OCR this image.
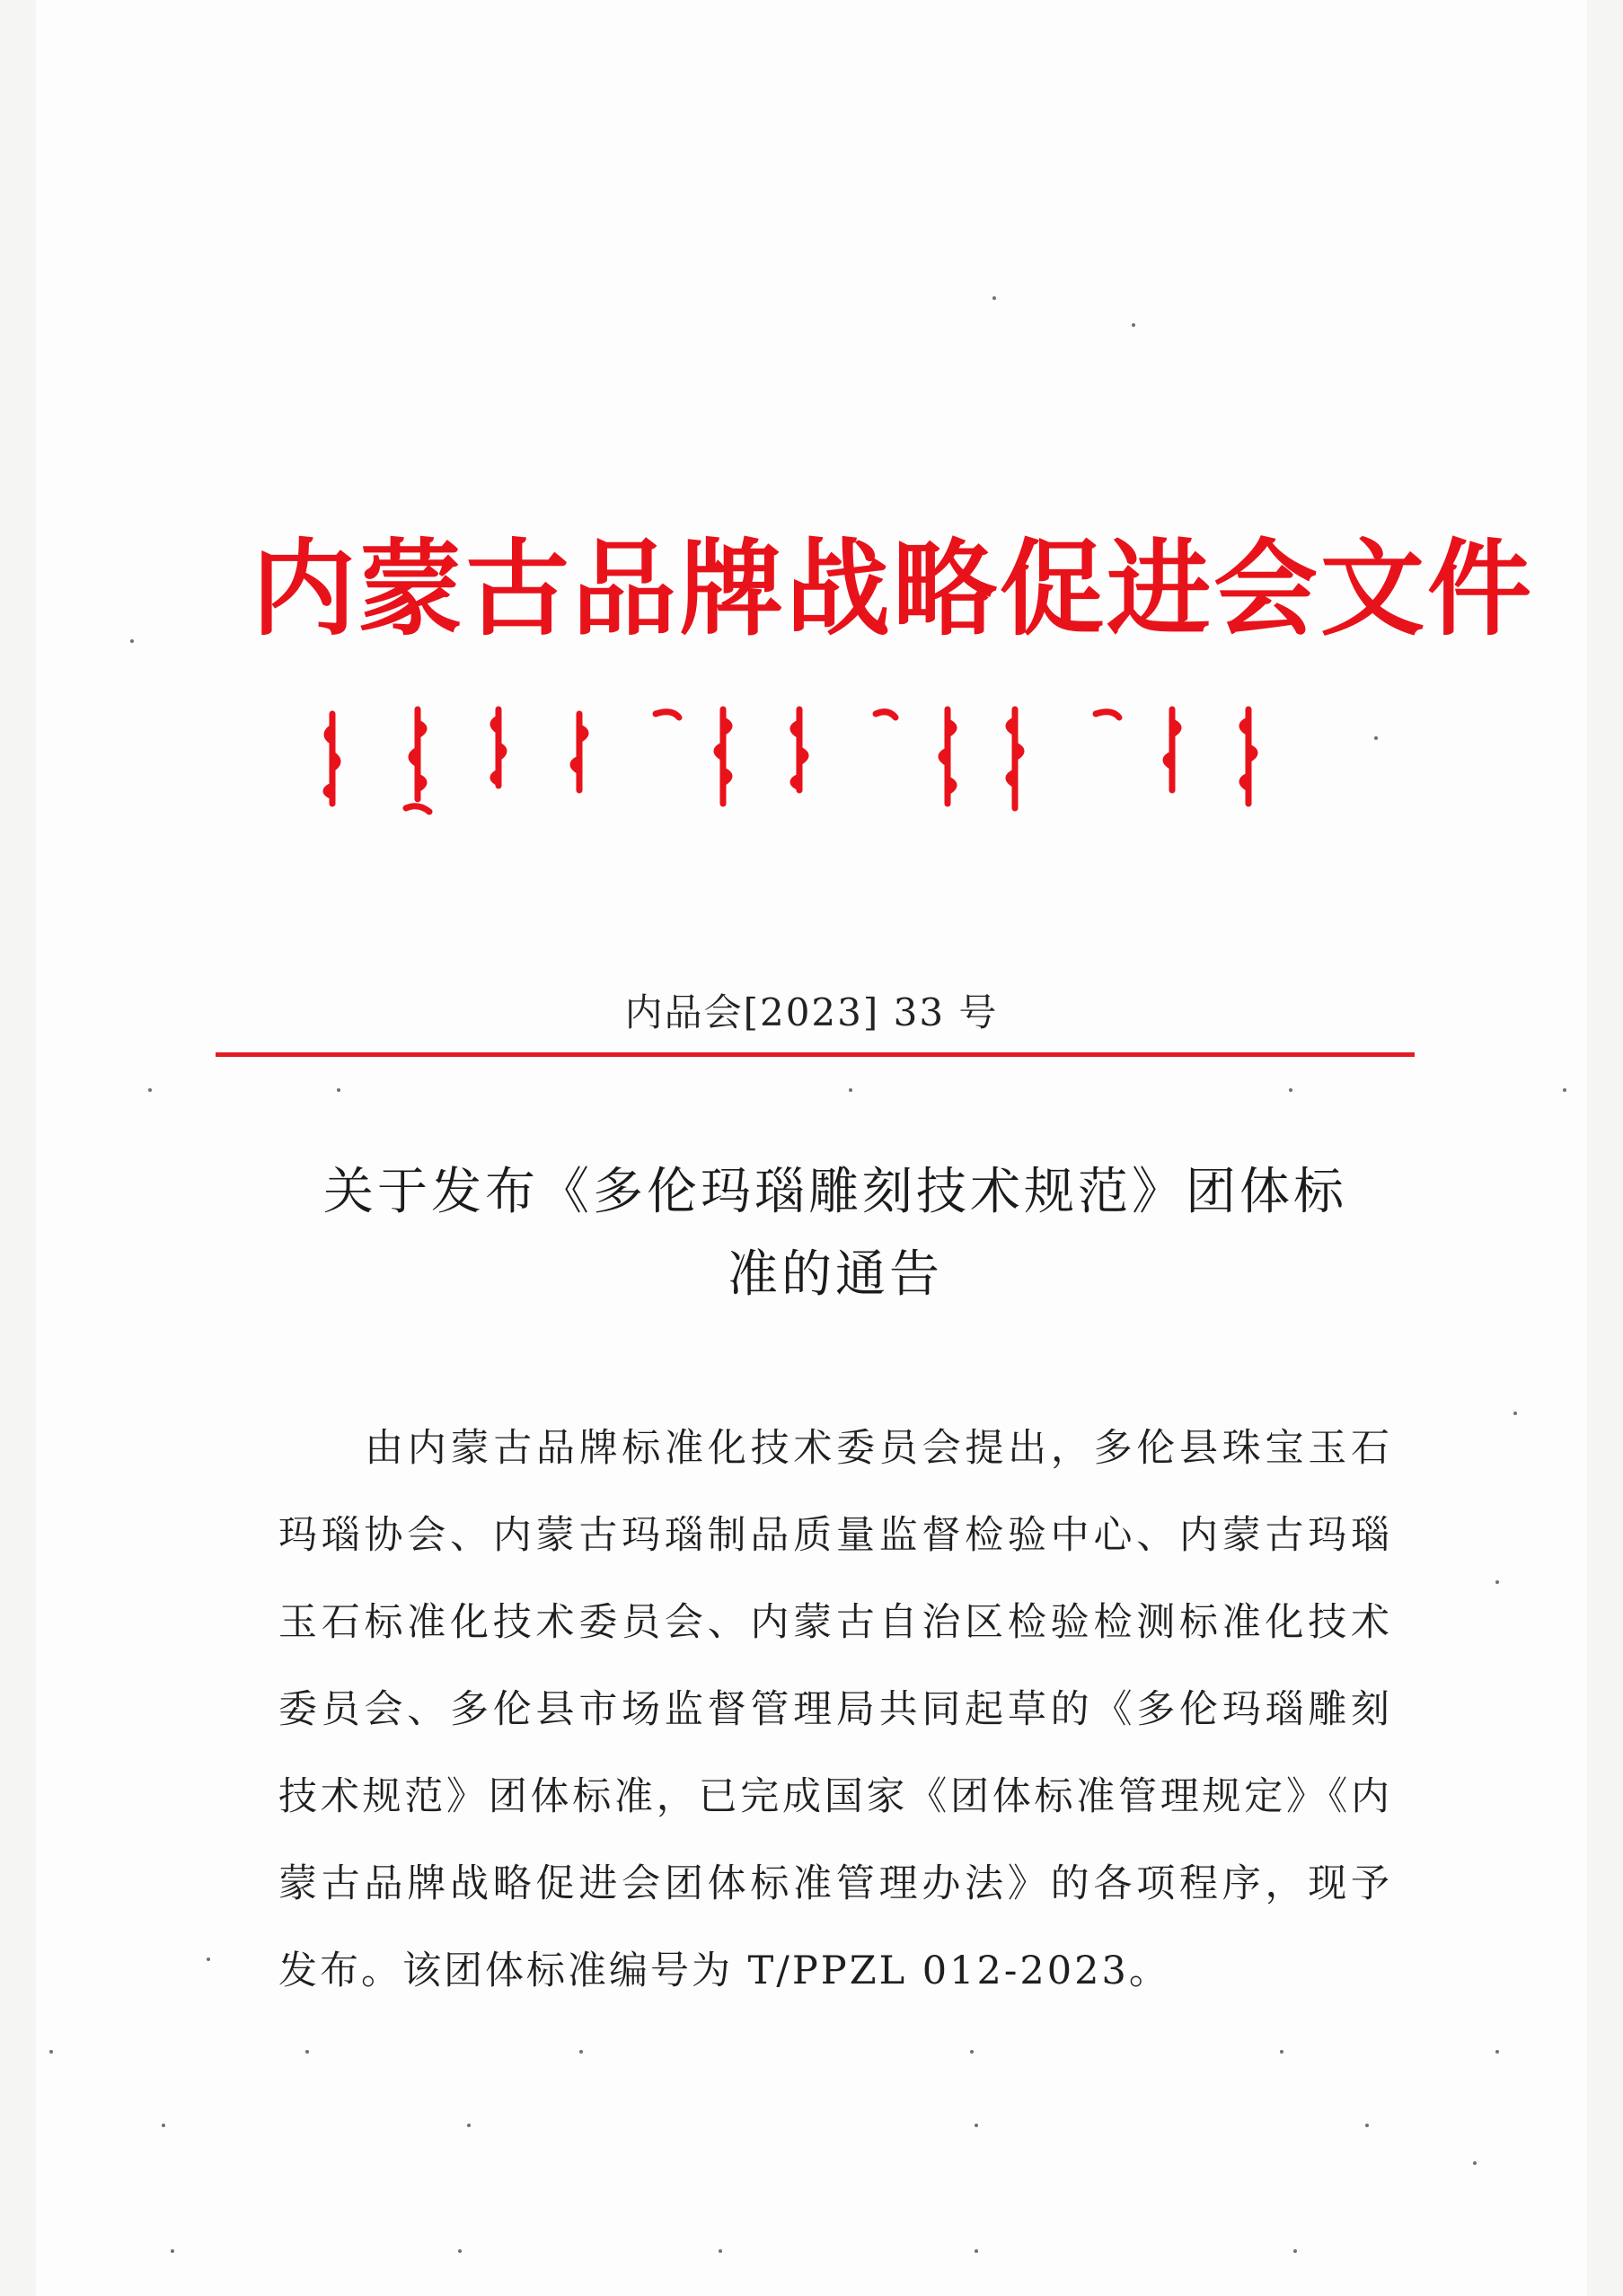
内蒙古品牌战略促进会文件
内品会[2023] 33 号
关于发布《多伦玛瑙雕刻技术规范》团体标
准的通告
由内蒙古品牌标准化技术委员会提出，多伦县珠宝玉石玛瑙协会、内蒙古玛瑙制品质量监督检验中心、内蒙古玛瑙玉石标准化技术委员会、内蒙古自治区检验检测标准化技术委员会、多伦县市场监督管理局共同起草的《多伦玛瑙雕刻技术规范》团体标准，已完成国家《团体标准管理规定》《内蒙古品牌战略促进会团体标准管理办法》的各项程序，现予发布。该团体标准编号为 T/PPZL 012-2023。
